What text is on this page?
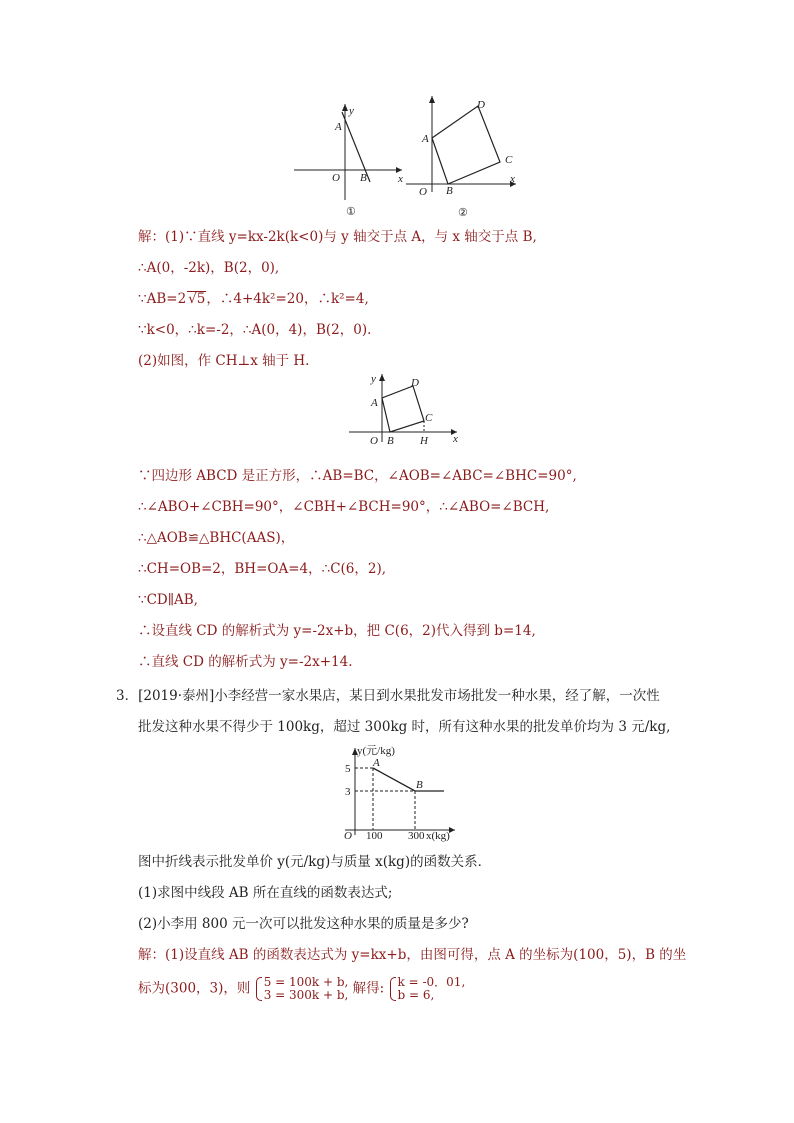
y
x
O
A
B
①
A
B
C
D
O
x
②
解：(1)∵直线 y=kx-2k(k<0)与 y 轴交于点 A，与 x 轴交于点 B,
∴A(0，-2k)，B(2，0),
∵AB=2 √5，∴4+4k²=20，∴k²=4,
∵k<0，∴k=-2，∴A(0，4)，B(2，0).
(2)如图，作 CH⊥x 轴于 H.
y
x
O
A
B
C
D
H
∵四边形 ABCD 是正方形，∴AB=BC，∠AOB=∠ABC=∠BHC=90°,
∴∠ABO+∠CBH=90°，∠CBH+∠BCH=90°，∴∠ABO=∠BCH,
∴△AOB≌△BHC(AAS)，
∴CH=OB=2，BH=OA=4，∴C(6，2),
∵CD∥AB,
∴设直线 CD 的解析式为 y=-2x+b，把 C(6，2)代入得到 b=14,
∴直线 CD 的解析式为 y=-2x+14.
3．[2019·泰州]小李经营一家水果店，某日到水果批发市场批发一种水果，经了解，一次性
批发这种水果不得少于 100kg，超过 300kg 时，所有这种水果的批发单价均为 3 元/kg,
y(元/kg)
x(kg)
O
5
3
100 300
A
B
图中折线表示批发单价 y(元/kg)与质量 x(kg)的函数关系．
(1)求图中线段 AB 所在直线的函数表达式;
(2)小李用 800 元一次可以批发这种水果的质量是多少?
解：(1)设直线 AB 的函数表达式为 y=kx+b，由图可得，点 A 的坐标为(100，5)，B 的坐
标为(300，3)，则 5 = 100k + b,
3 = 300k + b, 解得: k = -0．01,
b = 6,
